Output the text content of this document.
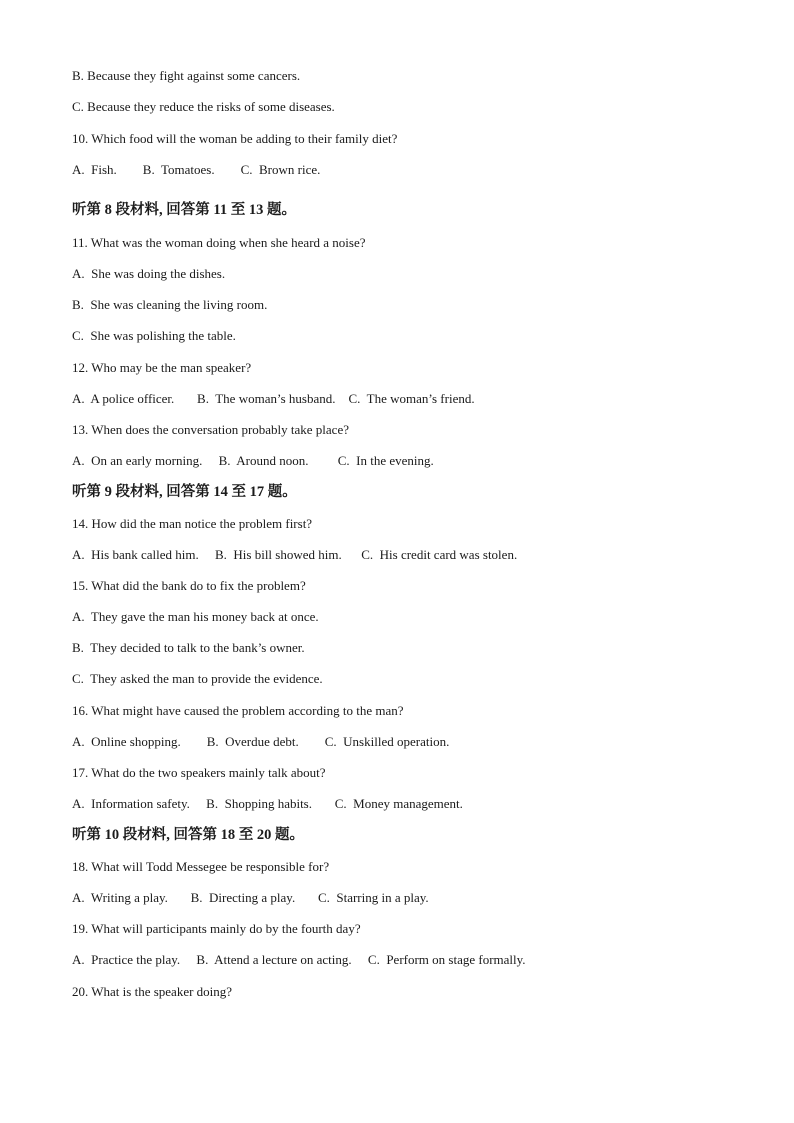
B. Because they fight against some cancers.
C. Because they reduce the risks of some diseases.
10. Which food will the woman be adding to their family diet?
A.  Fish.        B.  Tomatoes.        C.  Brown rice.
听第 8 段材料, 回答第 11 至 13 题。
11. What was the woman doing when she heard a noise?
A.  She was doing the dishes.
B.  She was cleaning the living room.
C.  She was polishing the table.
12. Who may be the man speaker?
A.  A police officer.       B.  The woman’s husband.    C.  The woman’s friend.
13. When does the conversation probably take place?
A.  On an early morning.     B.  Around noon.         C.  In the evening.
听第 9 段材料, 回答第 14 至 17 题。
14. How did the man notice the problem first?
A.  His bank called him.     B.  His bill showed him.      C.  His credit card was stolen.
15. What did the bank do to fix the problem?
A.  They gave the man his money back at once.
B.  They decided to talk to the bank’s owner.
C.  They asked the man to provide the evidence.
16. What might have caused the problem according to the man?
A.  Online shopping.        B.  Overdue debt.        C.  Unskilled operation.
17. What do the two speakers mainly talk about?
A.  Information safety.     B.  Shopping habits.       C.  Money management.
听第 10 段材料, 回答第 18 至 20 题。
18. What will Todd Messegee be responsible for?
A.  Writing a play.       B.  Directing a play.       C.  Starring in a play.
19. What will participants mainly do by the fourth day?
A.  Practice the play.     B.  Attend a lecture on acting.     C.  Perform on stage formally.
20. What is the speaker doing?
